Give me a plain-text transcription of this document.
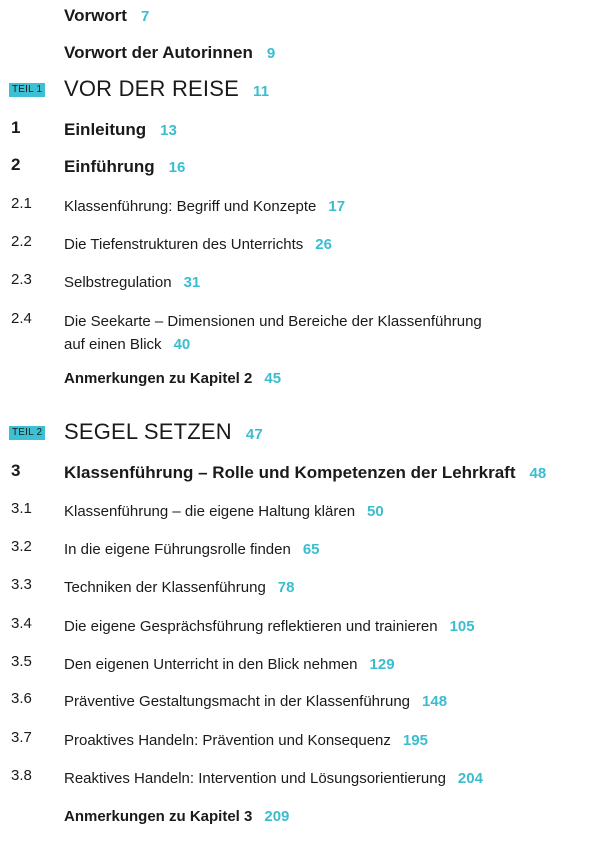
Vorwort 7
Vorwort der Autorinnen 9
TEIL 1 VOR DER REISE 11
1	Einleitung 13
2	Einführung 16
2.1 Klassenführung: Begriff und Konzepte 17
2.2 Die Tiefenstrukturen des Unterrichts 26
2.3 Selbstregulation 31
2.4 Die Seekarte – Dimensionen und Bereiche der Klassenführung
auf einen Blick 40
Anmerkungen zu Kapitel 2 45
TEIL 2 SEGEL SETZEN 47
3	Klassenführung – Rolle und Kompetenzen der Lehrkraft 48
3.1 Klassenführung – die eigene Haltung klären 50
3.2 In die eigene Führungsrolle finden 65
3.3 Techniken der Klassenführung 78
3.4 Die eigene Gesprächsführung reflektieren und trainieren 105
3.5 Den eigenen Unterricht in den Blick nehmen 129
3.6 Präventive Gestaltungsmacht in der Klassenführung 148
3.7 Proaktives Handeln: Prävention und Konsequenz 195
3.8 Reaktives Handeln: Intervention und Lösungsorientierung 204
Anmerkungen zu Kapitel 3 209
